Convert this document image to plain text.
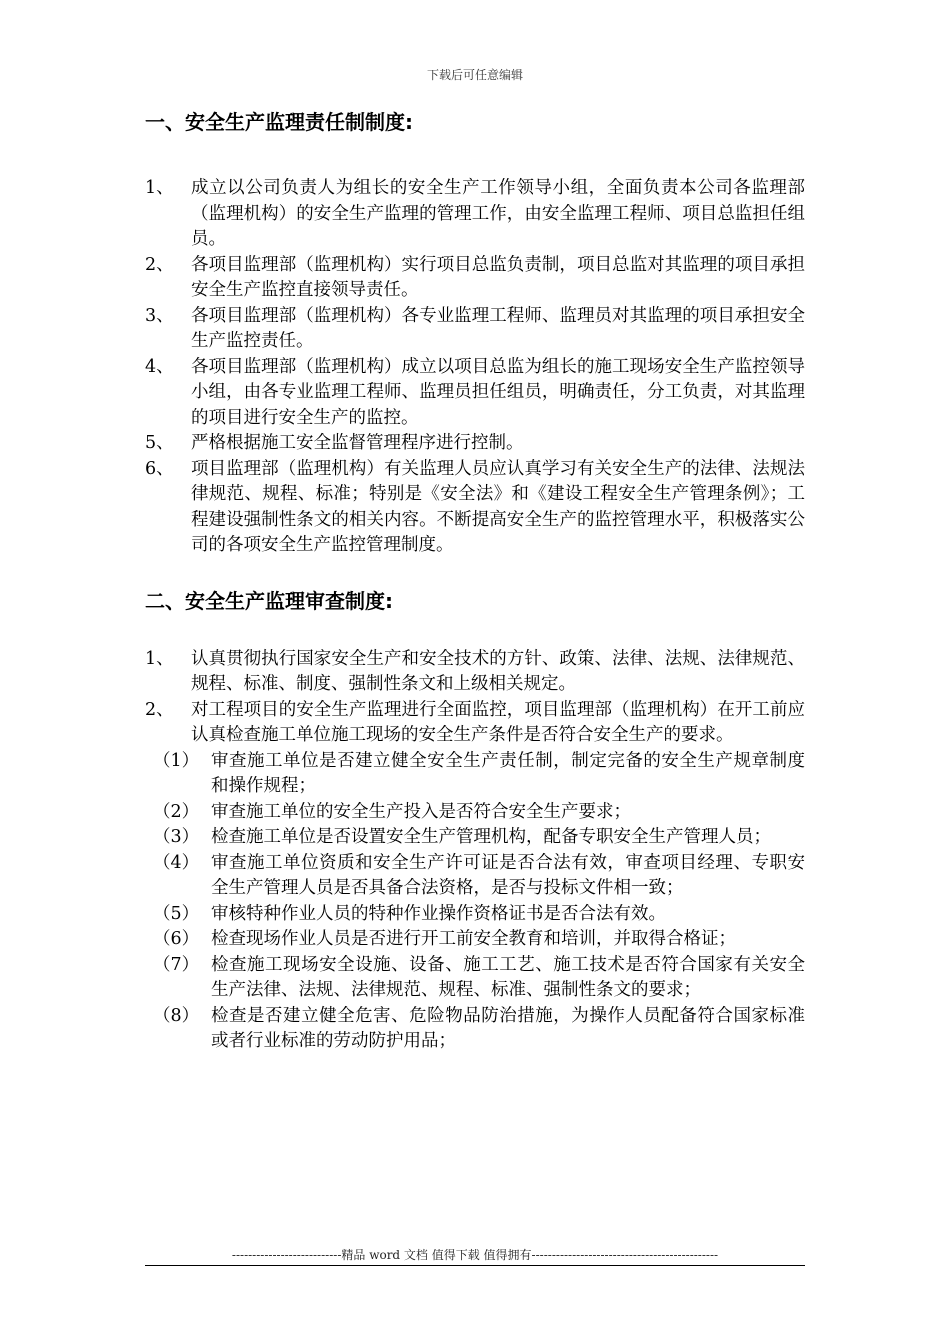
下载后可任意编辑
一、安全生产监理责任制制度:
1、 成立以公司负责人为组长的安全生产工作领导小组，全面负责本公司各监理部（监理机构）的安全生产监理的管理工作，由安全监理工程师、项目总监担任组员。
2、 各项目监理部（监理机构）实行项目总监负责制，项目总监对其监理的项目承担安全生产监控直接领导责任。
3、 各项目监理部（监理机构）各专业监理工程师、监理员对其监理的项目承担安全生产监控责任。
4、 各项目监理部（监理机构）成立以项目总监为组长的施工现场安全生产监控领导小组，由各专业监理工程师、监理员担任组员，明确责任，分工负责，对其监理的项目进行安全生产的监控。
5、 严格根据施工安全监督管理程序进行控制。
6、 项目监理部（监理机构）有关监理人员应认真学习有关安全生产的法律、法规法律规范、规程、标准；特别是《安全法》和《建设工程安全生产管理条例》；工程建设强制性条文的相关内容。不断提高安全生产的监控管理水平，积极落实公司的各项安全生产监控管理制度。
二、安全生产监理审查制度:
1、 认真贯彻执行国家安全生产和安全技术的方针、政策、法律、法规、法律规范、规程、标准、制度、强制性条文和上级相关规定。
2、 对工程项目的安全生产监理进行全面监控，项目监理部（监理机构）在开工前应认真检查施工单位施工现场的安全生产条件是否符合安全生产的要求。
（1） 审查施工单位是否建立健全安全生产责任制，制定完备的安全生产规章制度和操作规程；
（2） 审查施工单位的安全生产投入是否符合安全生产要求；
（3） 检查施工单位是否设置安全生产管理机构，配备专职安全生产管理人员；
（4） 审查施工单位资质和安全生产许可证是否合法有效，审查项目经理、专职安全生产管理人员是否具备合法资格，是否与投标文件相一致；
（5） 审核特种作业人员的特种作业操作资格证书是否合法有效。
（6） 检查现场作业人员是否进行开工前安全教育和培训，并取得合格证；
（7） 检查施工现场安全设施、设备、施工工艺、施工技术是否符合国家有关安全生产法律、法规、法律规范、规程、标准、强制性条文的要求；
（8） 检查是否建立健全危害、危险物品防治措施，为操作人员配备符合国家标准或者行业标准的劳动防护用品；
---------------------------精品 word 文档 值得下载 值得拥有----------------------------------------------
